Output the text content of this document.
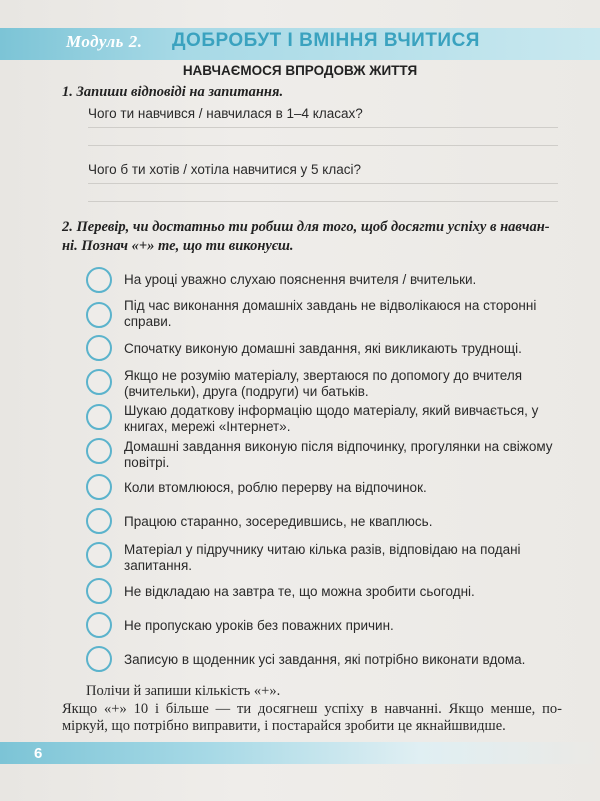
Модуль 2. ДОБРОБУТ І ВМІННЯ ВЧИТИСЯ
НАВЧАЄМОСЯ ВПРОДОВЖ ЖИТТЯ
1. Запиши відповіді на запитання.
Чого ти навчився / навчилася в 1–4 класах?
Чого б ти хотів / хотіла навчитися у 5 класі?
2. Перевір, чи достатньо ти робиш для того, щоб досягти успіху в навчан-
ні. Познач «+» те, що ти виконуєш.
На уроці уважно слухаю пояснення вчителя / вчительки.
Під час виконання домашніх завдань не відволікаюся на сторонні справи.
Спочатку виконую домашні завдання, які викликають труднощі.
Якщо не розумію матеріалу, звертаюся по допомогу до вчителя (вчительки), друга (подруги) чи батьків.
Шукаю додаткову інформацію щодо матеріалу, який вивчається, у книгах, мережі «Інтернет».
Домашні завдання виконую після відпочинку, прогулянки на свіжому повітрі.
Коли втомлююся, роблю перерву на відпочинок.
Працюю старанно, зосередившись, не кваплюсь.
Матеріал у підручнику читаю кілька разів, відповідаю на подані запитання.
Не відкладаю на завтра те, що можна зробити сьогодні.
Не пропускаю уроків без поважних причин.
Записую в щоденник усі завдання, які потрібно виконати вдома.
Полічи й запиши кількість «+».
Якщо «+» 10 і більше — ти досягнеш успіху в навчанні. Якщо менше, по-міркуй, що потрібно виправити, і постарайся зробити це якнайшвидше.
6
